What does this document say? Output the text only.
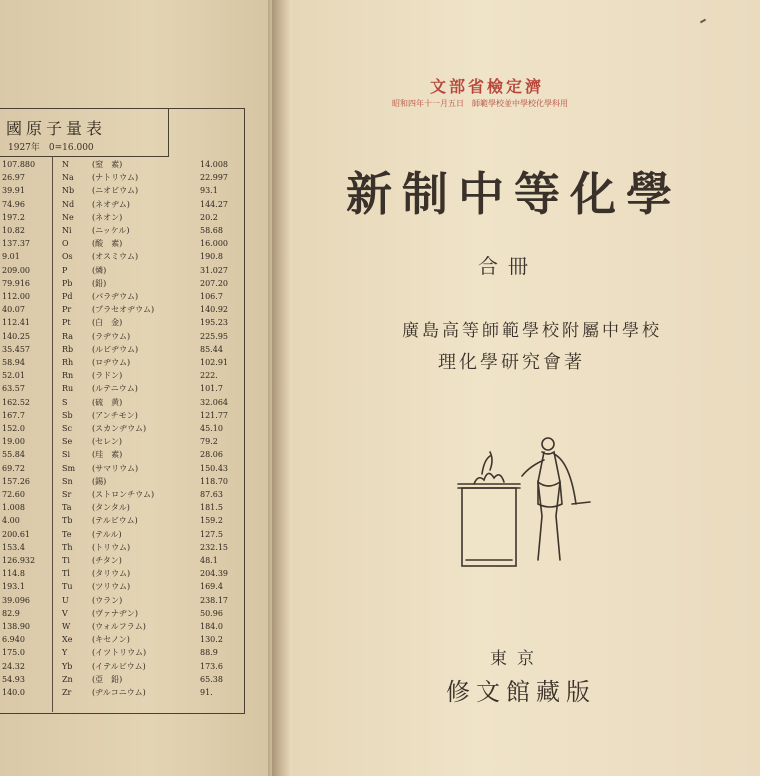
國原子量表
1927年　0=16.000
107.880	N	(窒　素)	14.008
26.97	Na	(ナトリウム)	22.997
39.91	Nb	(ニオビウム)	93.1
74.96	Nd	(ネオヂム)	144.27
197.2	Ne	(ネオン)	20.2
10.82	Ni	(ニッケル)	58.68
137.37	O	(酸　素)	16.000
9.01	Os	(オスミウム)	190.8
209.00	P	(燐)	31.027
79.916	Pb	(鉛)	207.20
112.00	Pd	(パラヂウム)	106.7
40.07	Pr	(プラセオヂウム)	140.92
112.41	Pt	(白　金)	195.23
140.25	Ra	(ラヂウム)	225.95
35.457	Rb	(ルビヂウム)	85.44
58.94	Rh	(ロヂウム)	102.91
52.01	Rn	(ラドン)	222.
63.57	Ru	(ルテニウム)	101.7
162.52	S	(硫　黄)	32.064
167.7	Sb	(アンチモン)	121.77
152.0	Sc	(スカンヂウム)	45.10
19.00	Se	(セレン)	79.2
55.84	Si	(珪　素)	28.06
69.72	Sm	(サマリウム)	150.43
157.26	Sn	(錫)	118.70
72.60	Sr	(ストロンチウム)	87.63
1.008	Ta	(タンタル)	181.5
4.00	Tb	(テルビウム)	159.2
200.61	Te	(テルル)	127.5
153.4	Th	(トリウム)	232.15
126.932	Ti	(チタン)	48.1
114.8	Tl	(タリウム)	204.39
193.1	Tu	(ツリウム)	169.4
39.096	U	(ウラン)	238.17
82.9	V	(ヴァナヂン)	50.96
138.90	W	(ウォルフラム)	184.0
6.940	Xe	(キセノン)	130.2
175.0	Y	(イツトリウム)	88.9
24.32	Yb	(イテルビウム)	173.6
54.93	Zn	(亞　鉛)	65.38
140.0	Zr	(ヂルコニウム)	91.
文部省檢定濟
昭和四年十一月五日　師範學校並中學校化學科用
新制中等化學
合冊
廣島高等師範學校附屬中學校
理化學研究會著
東京
修文館藏版
